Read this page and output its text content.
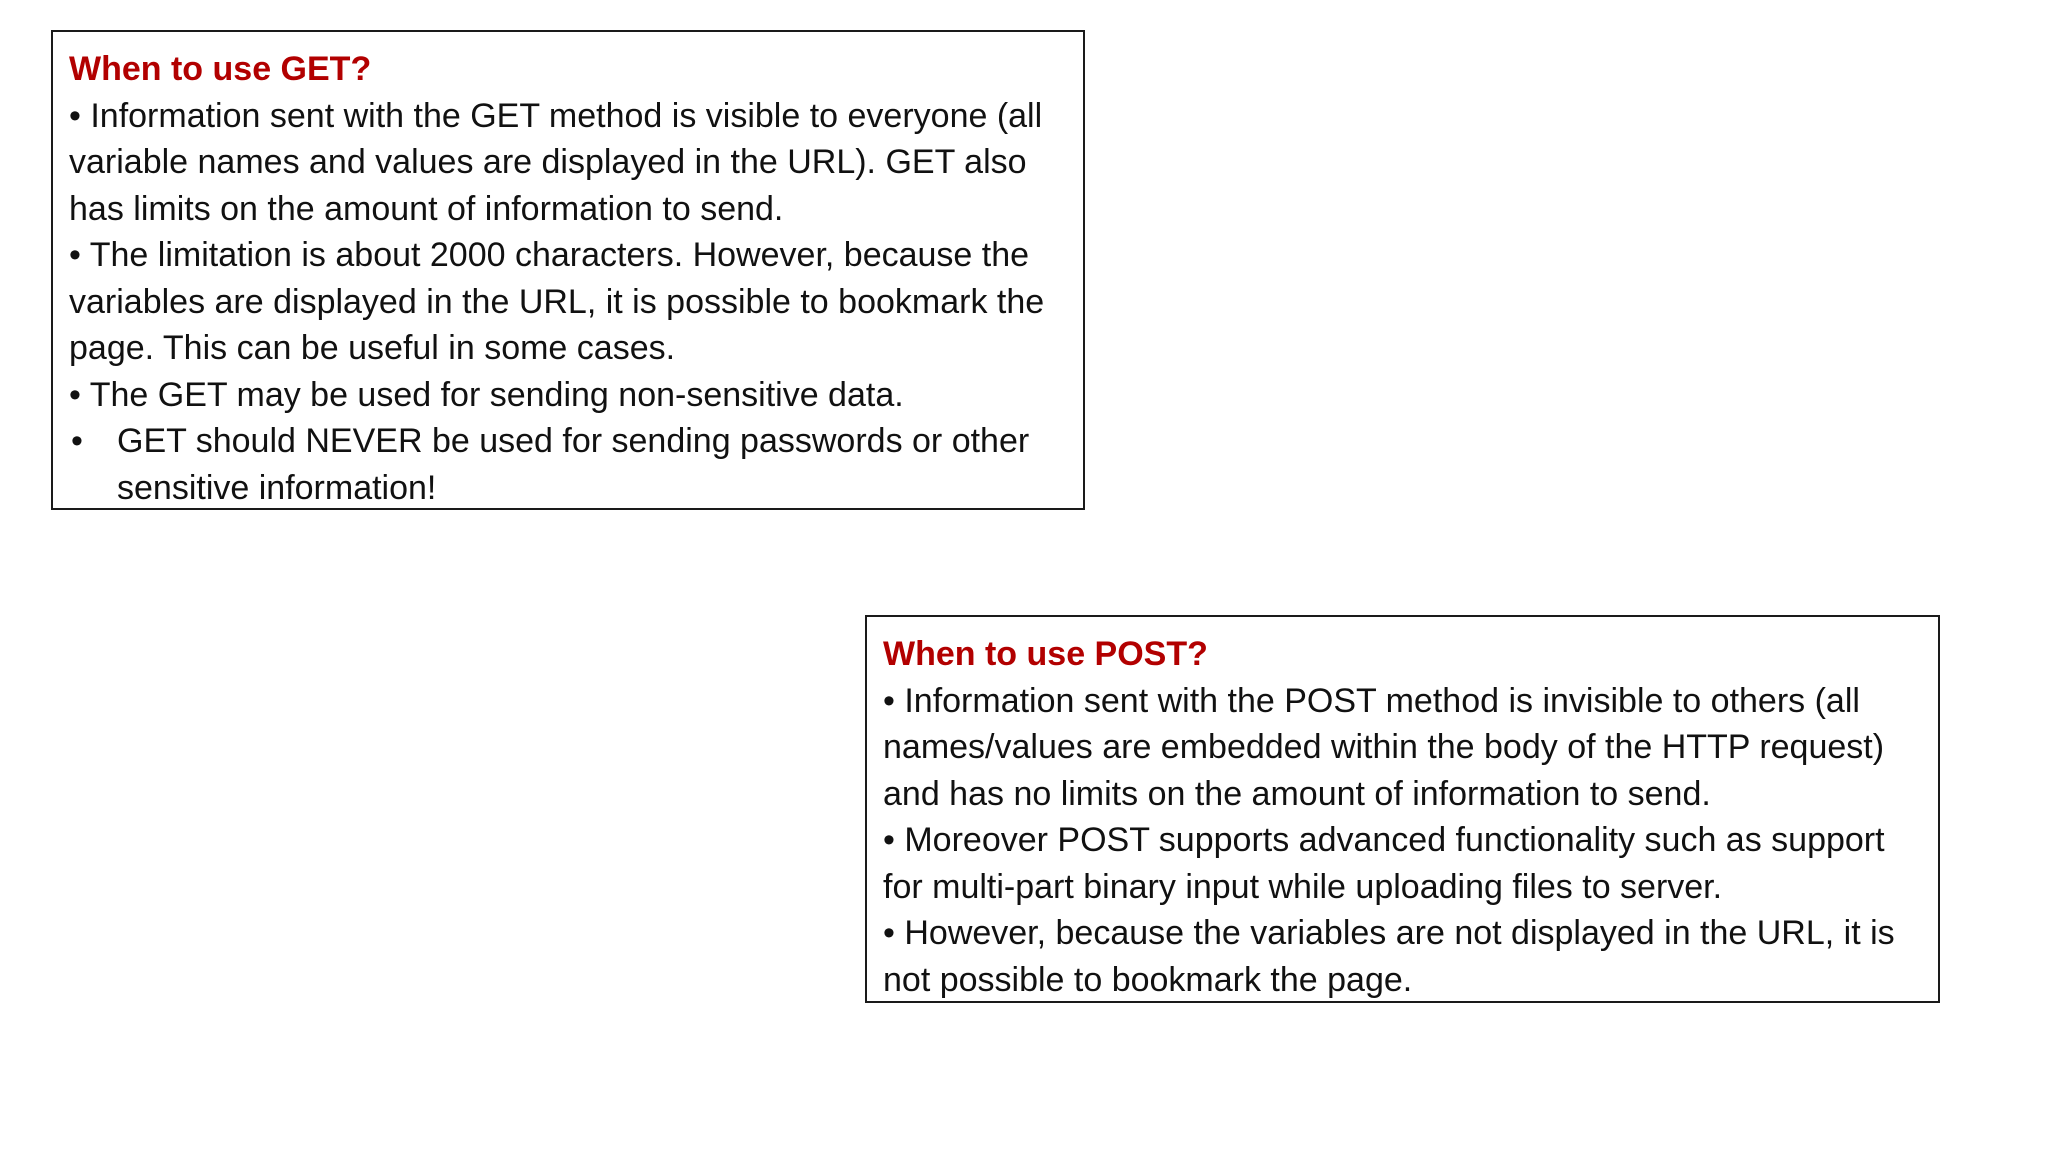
When to use GET?

• Information sent with the GET method is visible to everyone (all variable names and values are displayed in the URL). GET also has limits on the amount of information to send.

• The limitation is about 2000 characters. However, because the variables are displayed in the URL, it is possible to bookmark the page. This can be useful in some cases.

• The GET may be used for sending non-sensitive data.

• GET should NEVER be used for sending passwords or other sensitive information!

When to use POST?

• Information sent with the POST method is invisible to others (all names/values are embedded within the body of the HTTP request) and has no limits on the amount of information to send.

• Moreover POST supports advanced functionality such as support for multi-part binary input while uploading files to server.

• However, because the variables are not displayed in the URL, it is not possible to bookmark the page.
